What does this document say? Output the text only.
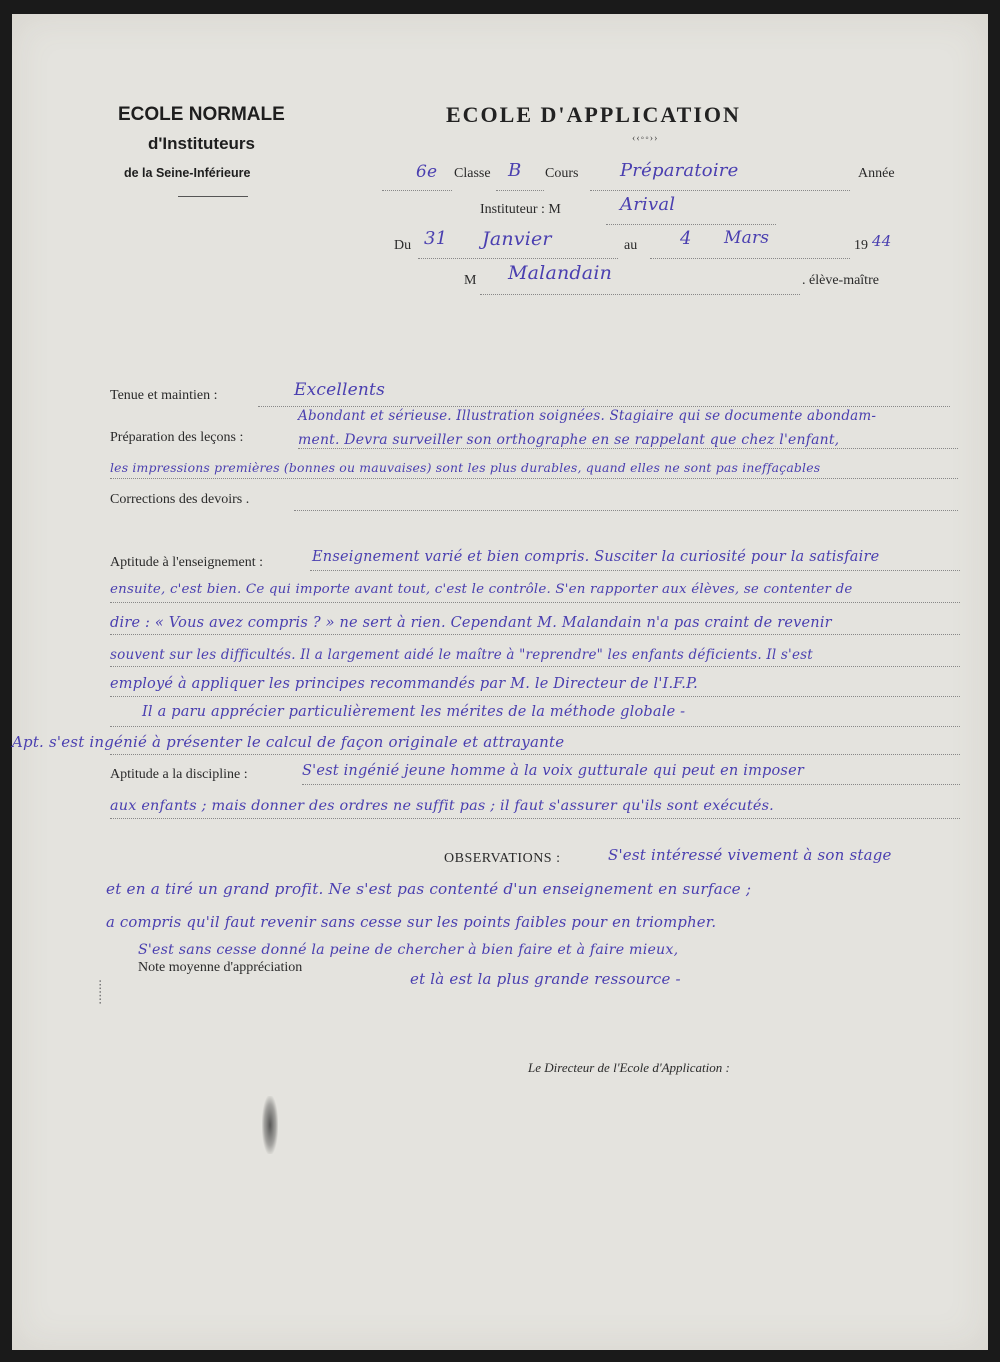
ECOLE NORMALE
d'Instituteurs
de la Seine-Inférieure
ECOLE D'APPLICATION
‹‹◦◦››
6e Classe B Cours Préparatoire	Année
Instituteur : M	Arival
Du 31 Janvier	au 4 Mars	19 44
M Malandain	. élève-maître
Tenue et maintien :	Excellents
Abondant et sérieuse. Illustration soignées. Stagiaire qui se documente abondam-
Préparation des leçons :	ment. Devra surveiller son orthographe en se rappelant que chez l'enfant,
les impressions premières (bonnes ou mauvaises) sont les plus durables, quand elles ne sont pas ineffaçables
Corrections des devoirs .
Aptitude à l'enseignement :	Enseignement varié et bien compris. Susciter la curiosité pour la satisfaire
ensuite, c'est bien. Ce qui importe avant tout, c'est le contrôle. S'en rapporter aux élèves, se contenter de
dire : « Vous avez compris ? » ne sert à rien. Cependant M. Malandain n'a pas craint de revenir
souvent sur les difficultés. Il a largement aidé le maître à "reprendre" les enfants déficients. Il s'est
employé à appliquer les principes recommandés par M. le Directeur de l'I.F.P.
Il a paru apprécier particulièrement les mérites de la méthode globale -
Apt. s'est ingénié à présenter le calcul de façon originale et attrayante
Aptitude a la discipline :	S'est ingénié jeune homme à la voix gutturale qui peut en imposer
aux enfants ; mais donner des ordres ne suffit pas ; il faut s'assurer qu'ils sont exécutés.
OBSERVATIONS :	S'est intéressé vivement à son stage
et en a tiré un grand profit. Ne s'est pas contenté d'un enseignement en surface ;
a compris qu'il faut revenir sans cesse sur les points faibles pour en triompher.
S'est sans cesse donné la peine de chercher à bien faire et à faire mieux,
Note moyenne d'appréciation
et là est la plus grande ressource -
Le Directeur de l'Ecole d'Application :
▪ ▪ ▪ ▪ ▪ ▪ ▪
